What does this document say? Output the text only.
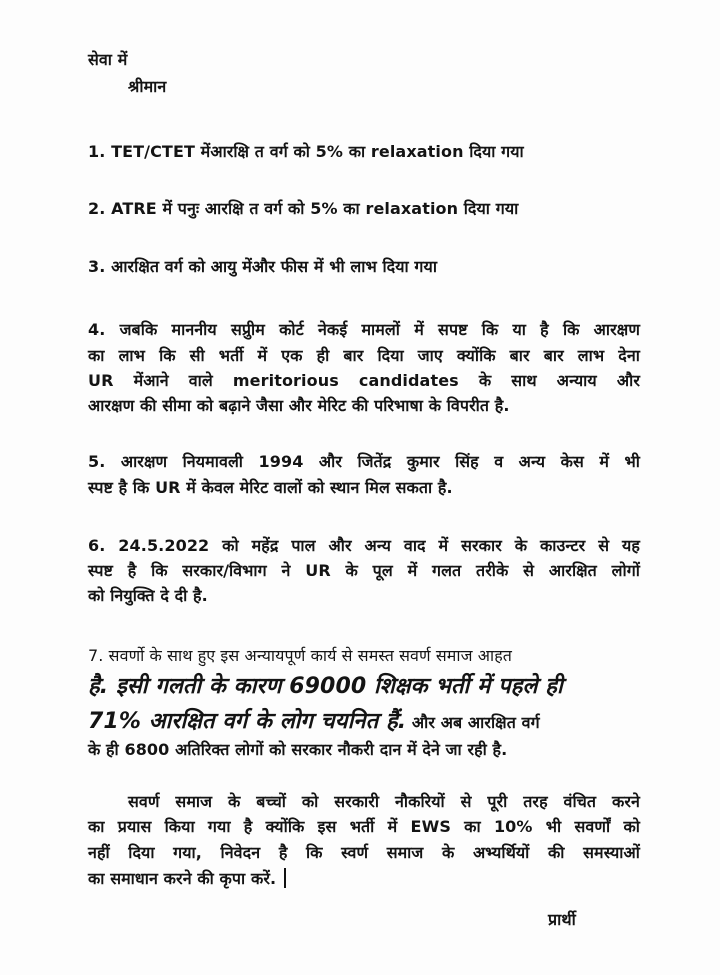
सेवा में
श्रीमान
1. TET/CTET मेंआरक्षि त वर्ग को 5% का relaxation दिया गया
2. ATRE में पनुः आरक्षि त वर्ग को 5% का relaxation दिया गया
3. आरक्षित वर्ग को आयु मेंऔर फीस में भी लाभ दिया गया
4. जबकि माननीय सप्रुीम कोर्ट नेकई मामलों में सपष्ट कि या है कि आरक्षण
का लाभ कि सी भर्ती में एक ही बार दिया जाए क्योंकि बार बार लाभ देना
UR मेंआने वाले meritorious candidates के साथ अन्याय और
आरक्षण की सीमा को बढ़ाने जैसा और मेरिट की परिभाषा के विपरीत है.
5. आरक्षण नियमावली 1994 और जितेंद्र कुमार सिंह व अन्य केस में भी
स्पष्ट है कि UR में केवल मेरिट वालों को स्थान मिल सकता है.
6. 24.5.2022 को महेंद्र पाल और अन्य वाद में सरकार के काउन्टर से यह
स्पष्ट है कि सरकार/विभाग ने UR के पूल में गलत तरीके से आरक्षित लोगों
को नियुक्ति दे दी है.
7. सवर्णो के साथ हुए इस अन्यायपूर्ण कार्य से समस्त सवर्ण समाज आहत
है. इसी गलती के कारण 69000 शिक्षक भर्ती में पहले ही
71% आरक्षित वर्ग के लोग चयनित हैं. और अब आरक्षित वर्ग
के ही 6800 अतिरिक्त लोगों को सरकार नौकरी दान में देने जा रही है.
सवर्ण समाज के बच्चों को सरकारी नौकरियों से पूरी तरह वंचित करने
का प्रयास किया गया है क्योंकि इस भर्ती में EWS का 10% भी सवर्णों को
नहीं दिया गया, निवेदन है कि स्वर्ण समाज के अभ्यर्थियों की समस्याओं
का समाधान करने की कृपा करें.
प्रार्थी
